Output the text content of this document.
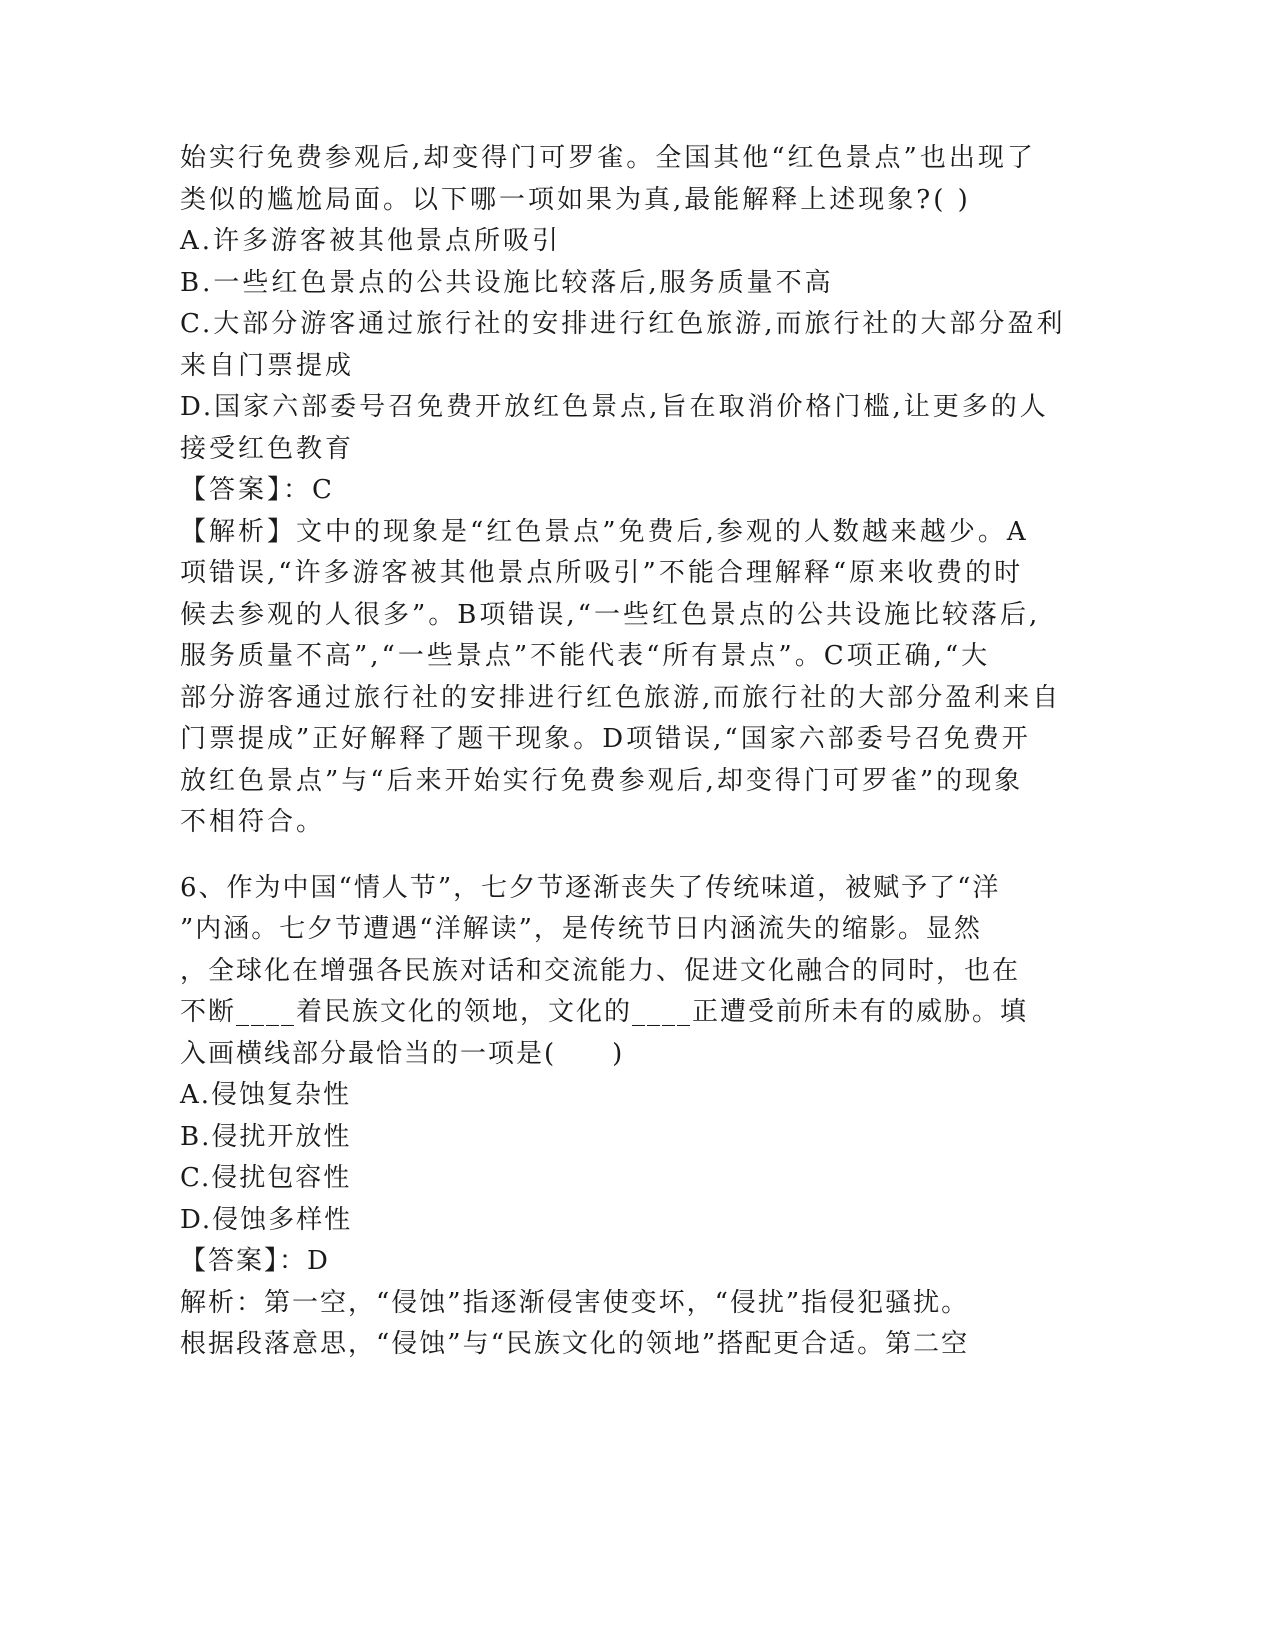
始实行免费参观后,却变得门可罗雀。全国其他“红色景点”也出现了
类似的尴尬局面。以下哪一项如果为真,最能解释上述现象?( )
A.许多游客被其他景点所吸引
B.一些红色景点的公共设施比较落后,服务质量不高
C.大部分游客通过旅行社的安排进行红色旅游,而旅行社的大部分盈利
来自门票提成
D.国家六部委号召免费开放红色景点,旨在取消价格门槛,让更多的人
接受红色教育
【答案】：C
【解析】文中的现象是“红色景点”免费后,参观的人数越来越少。A
项错误,“许多游客被其他景点所吸引”不能合理解释“原来收费的时
候去参观的人很多”。B项错误,“一些红色景点的公共设施比较落后,
服务质量不高”,“一些景点”不能代表“所有景点”。C项正确,“大
部分游客通过旅行社的安排进行红色旅游,而旅行社的大部分盈利来自
门票提成”正好解释了题干现象。D项错误,“国家六部委号召免费开
放红色景点”与“后来开始实行免费参观后,却变得门可罗雀”的现象
不相符合。
6、作为中国“情人节”，七夕节逐渐丧失了传统味道，被赋予了“洋
”内涵。七夕节遭遇“洋解读”，是传统节日内涵流失的缩影。显然
，全球化在增强各民族对话和交流能力、促进文化融合的同时，也在
不断____着民族文化的领地，文化的____正遭受前所未有的威胁。填
入画横线部分最恰当的一项是(　　)
A.侵蚀复杂性
B.侵扰开放性
C.侵扰包容性
D.侵蚀多样性
【答案】：D
解析：第一空，“侵蚀”指逐渐侵害使变坏，“侵扰”指侵犯骚扰。
根据段落意思，“侵蚀”与“民族文化的领地”搭配更合适。第二空
